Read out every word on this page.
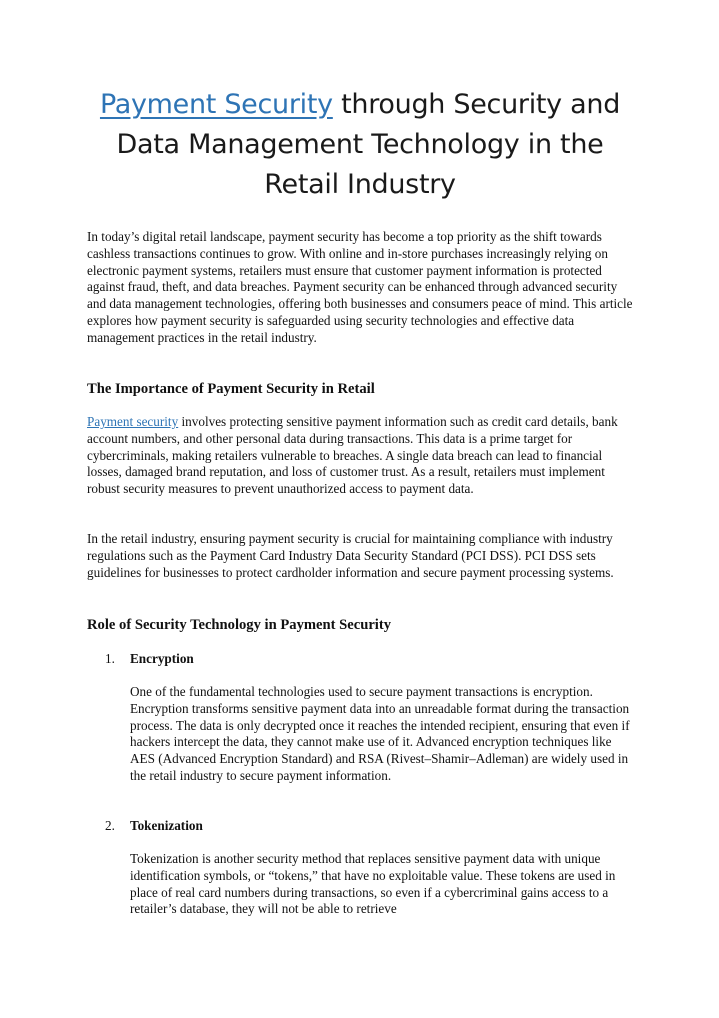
Payment Security through Security and
Data Management Technology in the
Retail Industry

In today’s digital retail landscape, payment security has become a top priority as the shift towards cashless transactions continues to grow. With online and in-store purchases increasingly relying on electronic payment systems, retailers must ensure that customer payment information is protected against fraud, theft, and data breaches. Payment security can be enhanced through advanced security and data management technologies, offering both businesses and consumers peace of mind. This article explores how payment security is safeguarded using security technologies and effective data management practices in the retail industry.

The Importance of Payment Security in Retail

Payment security involves protecting sensitive payment information such as credit card details, bank account numbers, and other personal data during transactions. This data is a prime target for cybercriminals, making retailers vulnerable to breaches. A single data breach can lead to financial losses, damaged brand reputation, and loss of customer trust. As a result, retailers must implement robust security measures to prevent unauthorized access to payment data.

In the retail industry, ensuring payment security is crucial for maintaining compliance with industry regulations such as the Payment Card Industry Data Security Standard (PCI DSS). PCI DSS sets guidelines for businesses to protect cardholder information and secure payment processing systems.

Role of Security Technology in Payment Security
1. Encryption

One of the fundamental technologies used to secure payment transactions is encryption. Encryption transforms sensitive payment data into an unreadable format during the transaction process. The data is only decrypted once it reaches the intended recipient, ensuring that even if hackers intercept the data, they cannot make use of it. Advanced encryption techniques like AES (Advanced Encryption Standard) and RSA (Rivest–Shamir–Adleman) are widely used in the retail industry to secure payment information.

2. Tokenization

Tokenization is another security method that replaces sensitive payment data with unique identification symbols, or “tokens,” that have no exploitable value. These tokens are used in place of real card numbers during transactions, so even if a cybercriminal gains access to a retailer’s database, they will not be able to retrieve
